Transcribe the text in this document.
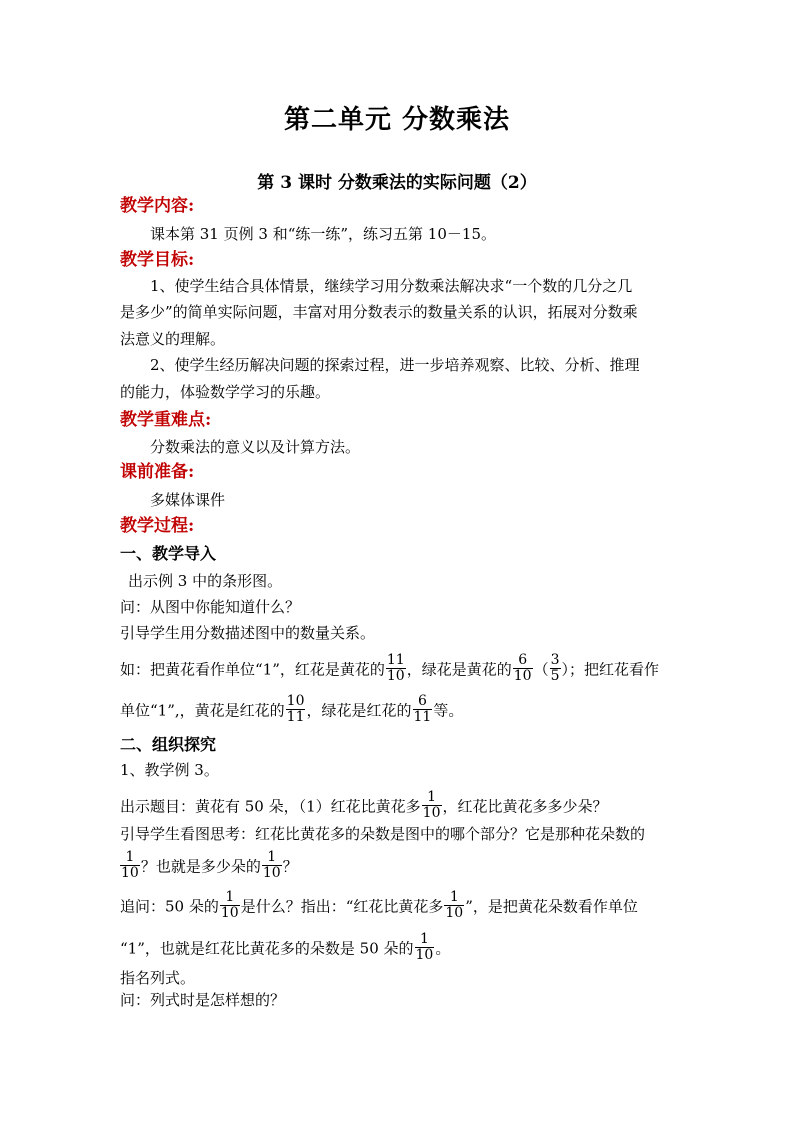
第二单元 分数乘法
第 3 课时 分数乘法的实际问题（2）
教学内容:
课本第 31 页例 3 和“练一练”，练习五第 10－15。
教学目标:
1、使学生结合具体情景，继续学习用分数乘法解决求“一个数的几分之几
是多少”的简单实际问题，丰富对用分数表示的数量关系的认识，拓展对分数乘
法意义的理解。
2、使学生经历解决问题的探索过程，进一步培养观察、比较、分析、推理
的能力，体验数学学习的乐趣。
教学重难点:
分数乘法的意义以及计算方法。
课前准备:
多媒体课件
教学过程:
一、教学导入
出示例 3 中的条形图。
问：从图中你能知道什么？
引导学生用分数描述图中的数量关系。
如：把黄花看作单位“1”，红花是黄花的 $\frac{11}{10}$ ，绿花是黄花的 $\frac{6}{10}$ （ $\frac{3}{5}$ ）；把红花看作
单位“1”,，黄花是红花的 $\frac{10}{11}$ ，绿花是红花的 $\frac{6}{11}$ 等。
二、组织探究
1、教学例 3。
出示题目：黄花有 50 朵，（1）红花比黄花多 $\frac{1}{10}$ ，红花比黄花多多少朵？
引导学生看图思考：红花比黄花多的朵数是图中的哪个部分？它是那种花朵数的
$\frac{1}{10}$ ？也就是多少朵的 $\frac{1}{10}$ ？
追问：50 朵的 $\frac{1}{10}$ 是什么？指出：“红花比黄花多 $\frac{1}{10}$ ”，是把黄花朵数看作单位
“1”，也就是红花比黄花多的朵数是 50 朵的 $\frac{1}{10}$ 。
指名列式。
问：列式时是怎样想的？
